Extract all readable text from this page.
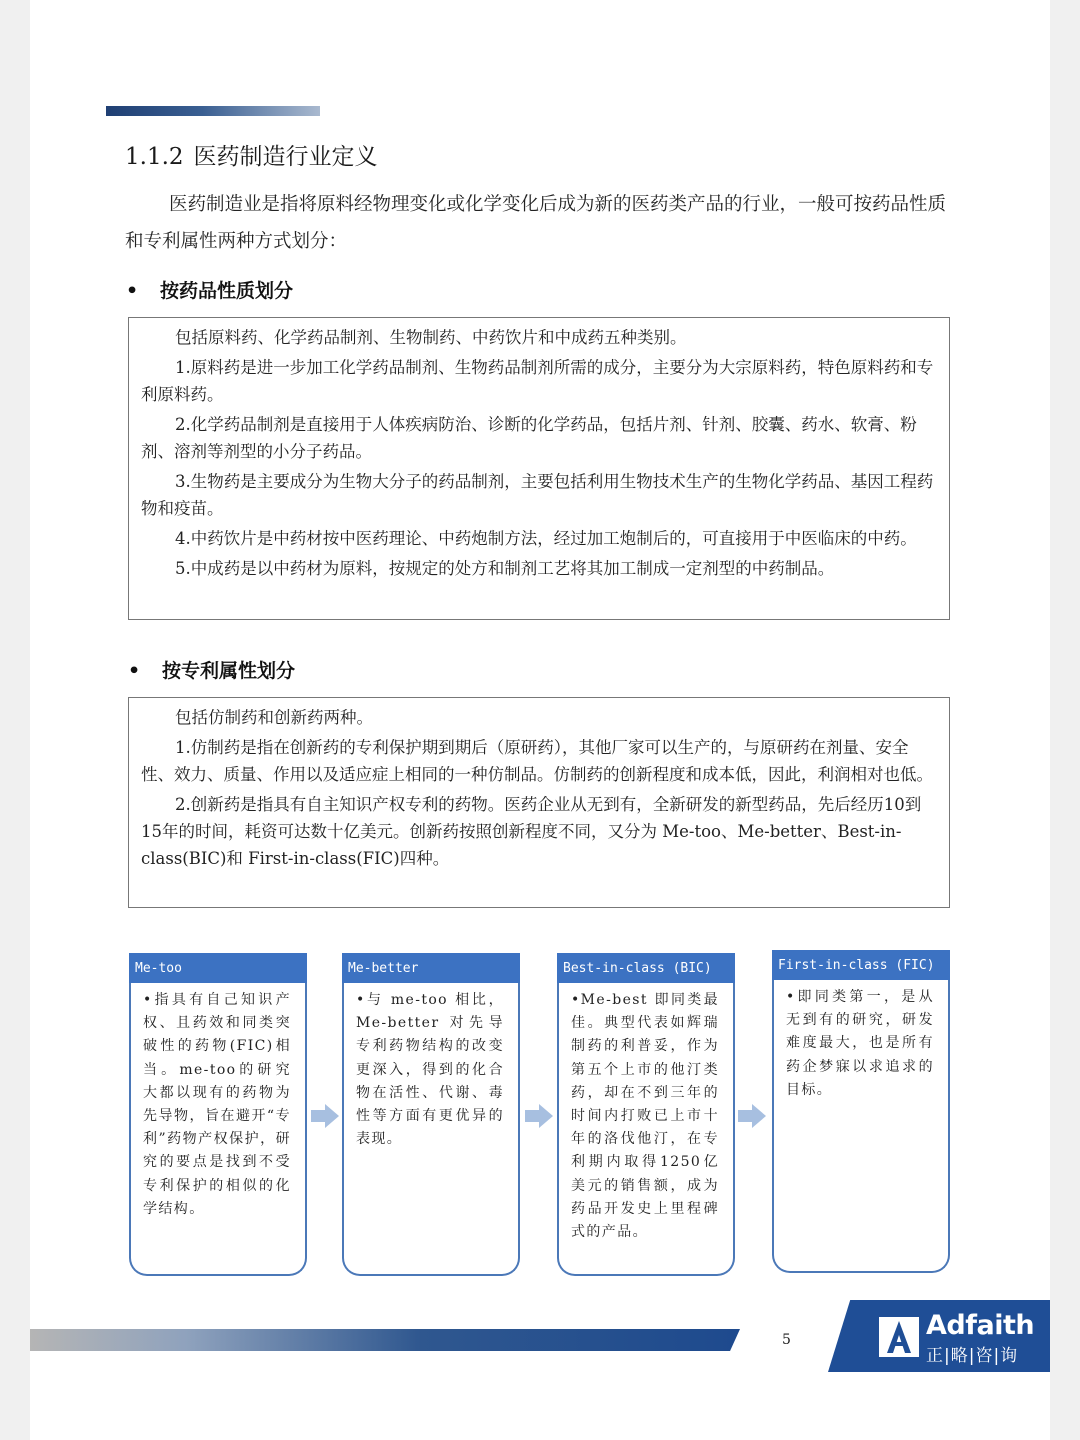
1.1.2 医药制造行业定义

医药制造业是指将原料经物理变化或化学变化后成为新的医药类产品的行业，一般可按药品性质和专利属性两种方式划分：

• 按药品性质划分

包括原料药、化学药品制剂、生物制药、中药饮片和中成药五种类别。

1.原料药是进一步加工化学药品制剂、生物药品制剂所需的成分，主要分为大宗原料药，特色原料药和专利原料药。

2.化学药品制剂是直接用于人体疾病防治、诊断的化学药品，包括片剂、针剂、胶囊、药水、软膏、粉剂、溶剂等剂型的小分子药品。

3.生物药是主要成分为生物大分子的药品制剂，主要包括利用生物技术生产的生物化学药品、基因工程药物和疫苗。

4.中药饮片是中药材按中医药理论、中药炮制方法，经过加工炮制后的，可直接用于中医临床的中药。

5.中成药是以中药材为原料，按规定的处方和制剂工艺将其加工制成一定剂型的中药制品。

• 按专利属性划分

包括仿制药和创新药两种。

1.仿制药是指在创新药的专利保护期到期后（原研药），其他厂家可以生产的，与原研药在剂量、安全性、效力、质量、作用以及适应症上相同的一种仿制品。仿制药的创新程度和成本低，因此，利润相对也低。

2.创新药是指具有自主知识产权专利的药物。医药企业从无到有，全新研发的新型药品，先后经历10到15年的时间，耗资可达数十亿美元。创新药按照创新程度不同，又分为 Me-too、Me-better、Best-in-class(BIC)和 First-in-class(FIC)四种。

Me-too
•指具有自己知识产权、且药效和同类突破性的药物(FIC)相当。me-too的研究大都以现有的药物为先导物，旨在避开“专利”药物产权保护，研究的要点是找到不受专利保护的相似的化学结构。
Me-better
•与 me-too 相比，Me-better 对先导专利药物结构的改变更深入，得到的化合物在活性、代谢、毒性等方面有更优异的表现。
Best-in-class (BIC)
•Me-best 即同类最佳。典型代表如辉瑞制药的利普妥，作为第五个上市的他汀类药，却在不到三年的时间内打败已上市十年的洛伐他汀，在专利期内取得1250亿美元的销售额，成为药品开发史上里程碑式的产品。
First-in-class (FIC)
•即同类第一，是从无到有的研究，研发难度最大，也是所有药企梦寐以求追求的目标。
5	Adfaith
正|略|咨|询
